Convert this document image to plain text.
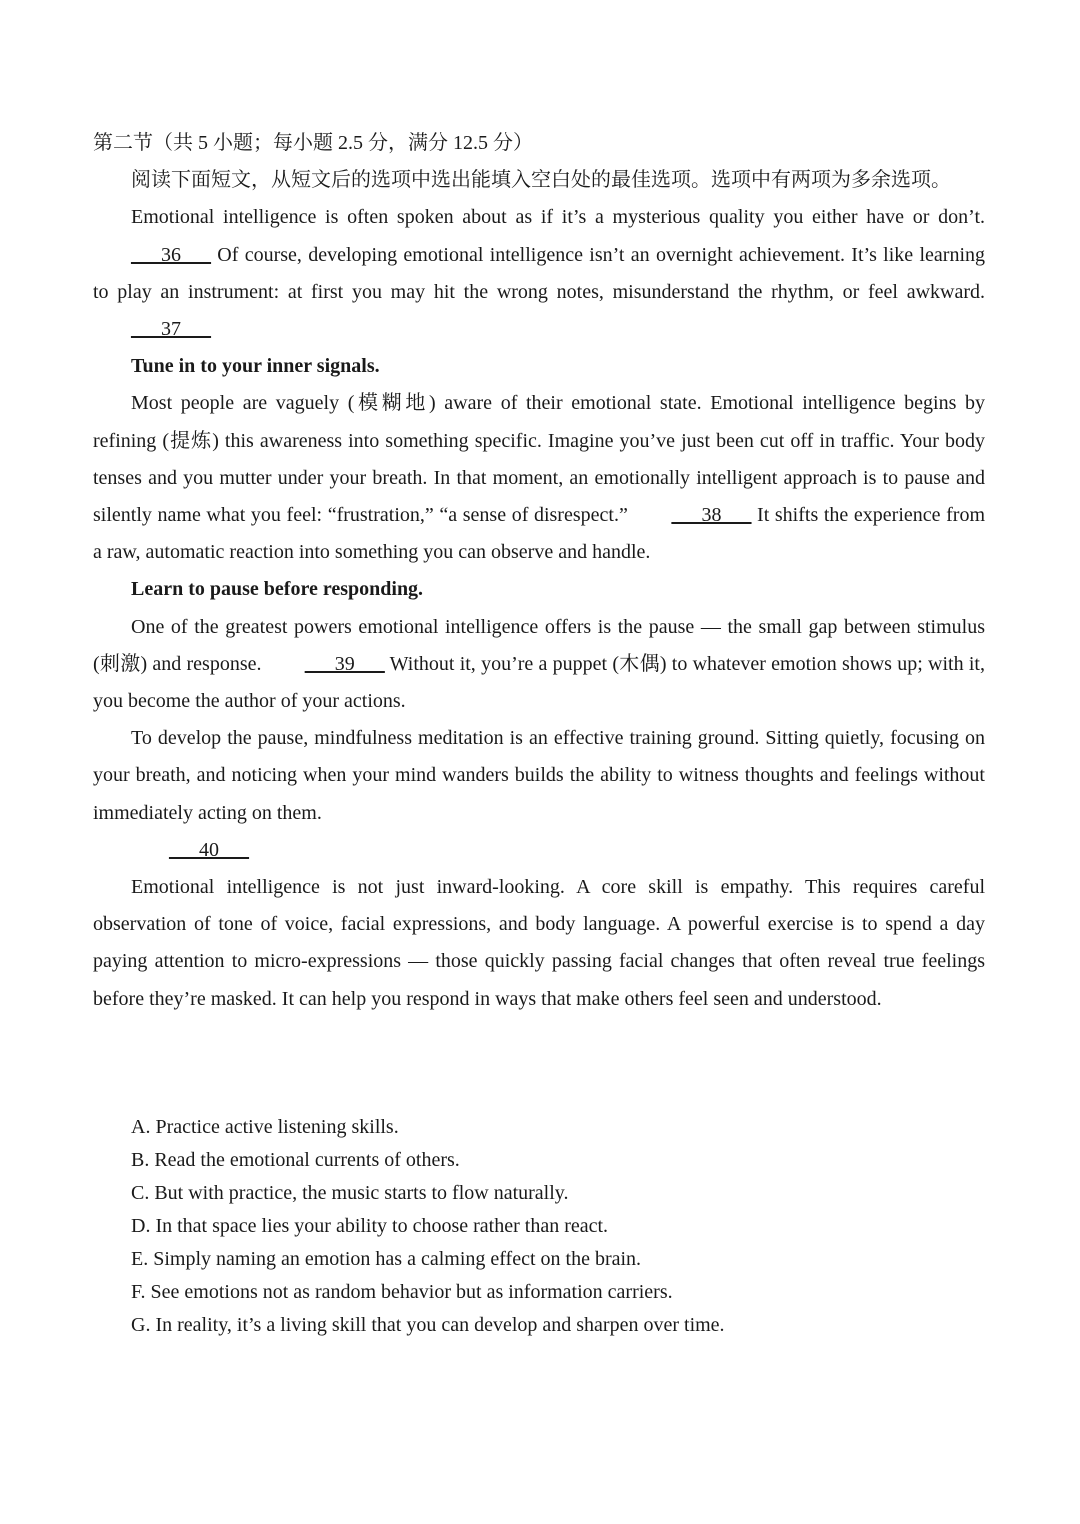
第二节（共 5 小题；每小题 2.5 分，满分 12.5 分）

阅读下面短文，从短文后的选项中选出能填入空白处的最佳选项。选项中有两项为多余选项。

Emotional intelligence is often spoken about as if it’s a mysterious quality you either have or don’t. ___36___ Of course, developing emotional intelligence isn’t an overnight achievement. It’s like learning to play an instrument: at first you may hit the wrong notes, misunderstand the rhythm, or feel awkward. ___37___

Tune in to your inner signals.

Most people are vaguely (模糊地) aware of their emotional state. Emotional intelligence begins by refining (提炼) this awareness into something specific. Imagine you’ve just been cut off in traffic. Your body tenses and you mutter under your breath. In that moment, an emotionally intelligent approach is to pause and silently name what you feel: “frustration,” “a sense of disrespect.” ___38___ It shifts the experience from a raw, automatic reaction into something you can observe and handle.

Learn to pause before responding.

One of the greatest powers emotional intelligence offers is the pause — the small gap between stimulus (刺激) and response. ___39___ Without it, you’re a puppet (木偶) to whatever emotion shows up; with it, you become the author of your actions.

To develop the pause, mindfulness meditation is an effective training ground. Sitting quietly, focusing on your breath, and noticing when your mind wanders builds the ability to witness thoughts and feelings without immediately acting on them.

___40___

Emotional intelligence is not just inward-looking. A core skill is empathy. This requires careful observation of tone of voice, facial expressions, and body language. A powerful exercise is to spend a day paying attention to micro-expressions — those quickly passing facial changes that often reveal true feelings before they’re masked. It can help you respond in ways that make others feel seen and understood.

A. Practice active listening skills.
B. Read the emotional currents of others.
C. But with practice, the music starts to flow naturally.
D. In that space lies your ability to choose rather than react.
E. Simply naming an emotion has a calming effect on the brain.
F. See emotions not as random behavior but as information carriers.
G. In reality, it’s a living skill that you can develop and sharpen over time.
